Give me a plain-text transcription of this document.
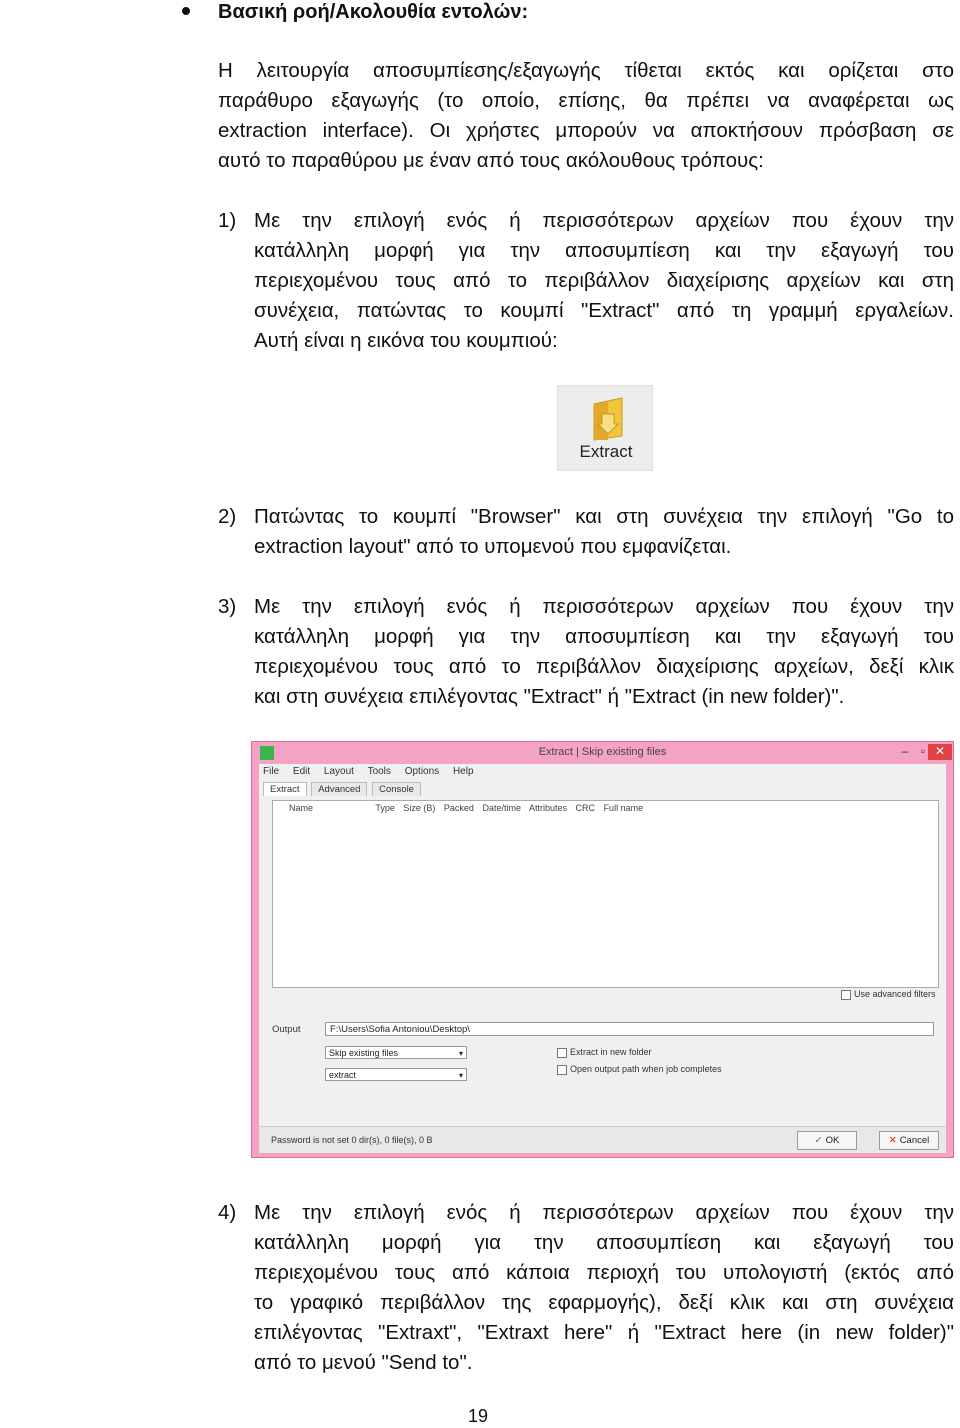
Βασική ροή/Ακολουθία εντολών:
Η λειτουργία αποσυμπίεσης/εξαγωγής τίθεται εκτός και ορίζεται στο
παράθυρο εξαγωγής (το οποίο, επίσης, θα πρέπει να αναφέρεται ως
extraction interface). Οι χρήστες μπορούν να αποκτήσουν πρόσβαση σε
αυτό το παραθύρου με έναν από τους ακόλουθους τρόπους:
1) Με την επιλογή ενός ή περισσότερων αρχείων που έχουν την
κατάλληλη μορφή για την αποσυμπίεση και την εξαγωγή του
περιεχομένου τους από το περιβάλλον διαχείρισης αρχείων και στη
συνέχεια, πατώντας το κουμπί "Extract" από τη γραμμή εργαλείων.
Αυτή είναι η εικόνα του κουμπιού:
Extract
2) Πατώντας το κουμπί "Browser" και στη συνέχεια την επιλογή "Go to
extraction layout" από το υπομενού που εμφανίζεται.
3) Με την επιλογή ενός ή περισσότερων αρχείων που έχουν την
κατάλληλη μορφή για την αποσυμπίεση και την εξαγωγή του
περιεχομένου τους από το περιβάλλον διαχείρισης αρχείων, δεξί κλικ
και στη συνέχεια επιλέγοντας "Extract" ή "Extract (in new folder)".
Extract | Skip existing files	–	▫ ✕
File Edit Layout Tools Options Help
Extract Advanced Console
Name	Type Size (B) Packed Date/time Attributes CRC Full name
Use advanced filters
Output	F:\Users\Sofia Antoniou\Desktop\
Skip existing files	▾
extract	▾
Extract in new folder
Open output path when job completes
Password is not set 0 dir(s), 0 file(s), 0 B	✓ OK	✕ Cancel
4) Με την επιλογή ενός ή περισσότερων αρχείων που έχουν την
κατάλληλη μορφή για την αποσυμπίεση και εξαγωγή του
περιεχομένου τους από κάποια περιοχή του υπολογιστή (εκτός από
το γραφικό περιβάλλον της εφαρμογής), δεξί κλικ και στη συνέχεια
επιλέγοντας "Extraxt", "Extraxt here" ή "Extract here (in new folder)"
από το μενού "Send to".
19
